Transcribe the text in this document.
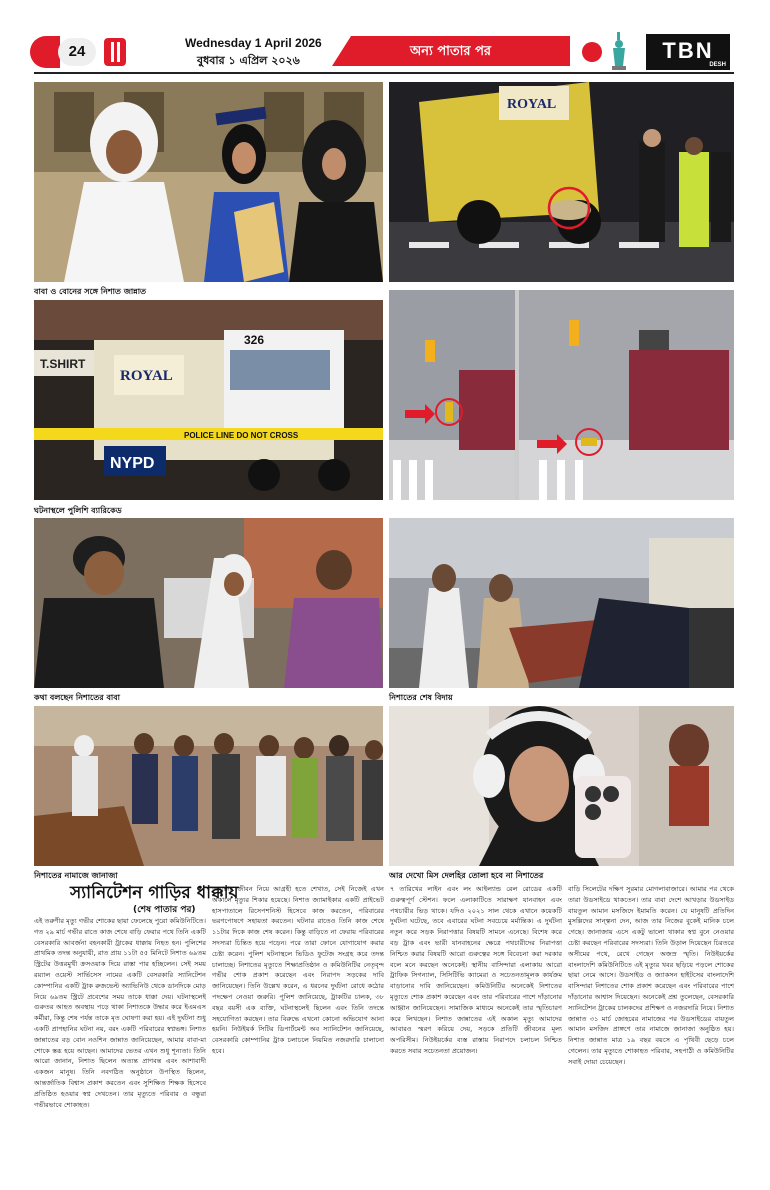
24	Wednesday 1 April 2026
বুধবার ১ এপ্রিল ২০২৬
অন্য পাতার পর	TBN
DESH
বাবা ও বোনের সঙ্গে নিশাত জান্নাত
ROYAL
T.SHIRT
ROYAL
326
POLICE LINE DO NOT CROSS
NYPD
ঘটনাস্থলে পুলিশি ব্যারিকেড
কথা বলছেন নিশাতের বাবা	নিশাতের শেষ বিদায়
নিশাতের নামাজে জানাজা	আর দেখো মিস দেলহির তোলা হবে না নিশাতের
স্যানিটেশন গাড়ির ধাক্কায়
(শেষ পাতার পর)

এই তরুণীর মৃত্যু গভীর শোকের ছায়া ফেলেছে পুরো কমিউনিটিতে। গত ২৯ মার্চ গভীর রাতে কাজ শেষে বাড়ি ফেরার পথে তিনি একটি বেসরকারি আবর্জনা বহনকারী ট্রাকের ধাক্কায় নিহত হন। পুলিশের প্রাথমিক তদন্ত অনুযায়ী, রাত প্রায় ১১টা ৫৫ মিনিটে নিশাত ৬৯তম স্ট্রিটের উত্তরমুখী ক্রসওয়াক দিয়ে রাস্তা পার হচ্ছিলেন। সেই সময় রয়্যাল ওয়েস্ট সার্ভিসেস নামের একটি বেসরকারি স্যানিটেশন কোম্পানির একটি ট্রাক রুজভেল্ট অ্যাভিনিউ থেকে ডানদিকে মোড় নিয়ে ৬৯তম স্ট্রিটে প্রবেশের সময় তাকে ধাক্কা দেয়। ঘটনাস্থলেই গুরুতর আহত অবস্থায় পড়ে থাকা নিশাতকে উদ্ধার করে ইএমএস কর্মীরা, কিন্তু শেষ পর্যন্ত তাকে মৃত ঘোষণা করা হয়। এই দুর্ঘটনা শুধু একটি প্রাণহানির ঘটনা নয়, বরং একটি পরিবারের স্বপ্নভঙ্গ। নিশাত জান্নাতের বড় বোন নওশিন জান্নাত জানিয়েছেন, আমার বাবা-মা শোকে স্তব্ধ হয়ে আছেন। আমাদের ভেতর এখন শুধু শূন্যতা। তিনি আরো জানান, নিশাত ছিলেন অত্যন্ত প্রাণবন্ত এবং আশাবাদী একজন মানুষ। তিনি নবগঠিত অনুষ্ঠানে উপস্থিত ছিলেন, আন্তর্জাতিক বিশ্বাস প্রকাশ করতেন এবং সুশিক্ষিত শিক্ষক হিসেবে প্রতিষ্ঠিত হওয়ার স্বপ্ন দেখতেন। তার মৃত্যুতে পরিবার ও বন্ধুরা গভীরভাবে শোকাহত।

অন্যদের জীবন নিয়ে আগ্রহী হতে শেখাত, সেই নিজেই এখন অকালে মৃত্যুর শিকার হয়েছে। নিশাত জ্যামাইকার একটি প্রাইভেট হাসপাতালে রিসেপশনিস্ট হিসেবে কাজ করতেন, পরিবারের ভরণপোষণে সহায়তা করতেন। ঘটনার রাতেও তিনি কাজ শেষে ১১টার দিকে কাজ শেষ করেন। কিন্তু বাড়িতে না ফেরায় পরিবারের সদস্যরা চিন্তিত হয়ে পড়েন। পরে তারা ফোনে যোগাযোগ করার চেষ্টা করেন। পুলিশ ঘটনাস্থলে ভিডিও ফুটেজ সংগ্রহ করে তদন্ত চালাচ্ছে। নিশাতের মৃত্যুতে শিক্ষাপ্রতিষ্ঠান ও কমিউনিটির নেতৃবৃন্দ গভীর শোক প্রকাশ করেছেন এবং নিরাপদ সড়কের দাবি জানিয়েছেন। তিনি উল্লেখ করেন, এ ধরনের দুর্ঘটনা রোধে কঠোর পদক্ষেপ নেওয়া জরুরি। পুলিশ জানিয়েছে, ট্রাকটির চালক, ৩৮ বছর বয়সী এক ব্যক্তি, ঘটনাস্থলেই ছিলেন এবং তিনি তদন্তে সহযোগিতা করছেন। তার বিরুদ্ধে এখনো কোনো অভিযোগ আনা হয়নি। নিউইয়র্ক সিটির ডিপার্টমেন্ট অব স্যানিটেশন জানিয়েছে, বেসরকারি কোম্পানির ট্রাক চলাচলে নিয়মিত নজরদারি চালানো হবে।

৭ তারিখের লাইন এবং লং আইল্যান্ড রেল রোডের একটি গুরুত্বপূর্ণ স্টেশন। ফলে এলাকাটিতে সারাক্ষণ যানবাহন এবং পথচারীর ভিড় থাকে। যদিও ২০২১ সাল থেকে এখানে কয়েকটি দুর্ঘটনা ঘটেছে, তবে এবারের ঘটনা সবচেয়ে মর্মান্তিক। এ দুর্ঘটনা নতুন করে সড়ক নিরাপত্তার বিষয়টি সামনে এনেছে। বিশেষ করে বড় ট্রাক এবং ভারী যানবাহনের ক্ষেত্রে পথচারীদের নিরাপত্তা নিশ্চিত করার বিষয়টি আরো গুরুত্বের সঙ্গে বিবেচনা করা দরকার বলে মনে করছেন অনেকেই। স্থানীয় বাসিন্দারা এলাকায় আরো ট্রাফিক সিগন্যাল, সিসিটিভি ক্যামেরা ও সচেতনতামূলক কার্যক্রম বাড়ানোর দাবি জানিয়েছেন। কমিউনিটির অনেকেই নিশাতের মৃত্যুতে শোক প্রকাশ করেছেন এবং তার পরিবারের পাশে দাঁড়ানোর আহ্বান জানিয়েছেন। সামাজিক মাধ্যমে অনেকেই তার স্মৃতিচারণ করে লিখছেন। নিশাত জান্নাতের এই অকাল মৃত্যু আমাদের আবারও স্মরণ করিয়ে দেয়, সড়কে প্রতিটি জীবনের মূল্য অপরিসীম। নিউইয়র্কের ব্যস্ত রাস্তায় নিরাপদে চলাচল নিশ্চিত করতে সবার সচেতনতা প্রয়োজন।

বাড়ি সিলেটের দক্ষিণ সুরমার মোগলাবাজারে। আমার পর থেকে তারা উডসাইডে থাকতেন। তার বাবা দেশে আখড়ার উডসাইড বায়তুল আমান মসজিদে ইমামতি করেন। যে মানুষটি প্রতিদিন মুসল্লিদের সান্ত্বনা দেন, আজ তার নিজের বুকেই মানিক চলে গেছে। জানাজায় এসে একটু ভালো থাকার স্বপ্ন বুনে নেওয়ার চেষ্টা করছেন পরিবারের সদস্যরা। তিনি উড়াল দিয়েছেন চিরতরে অসীমের পথে, রেখে গেছেন অজস্র স্মৃতি। নিউইয়র্কের বাংলাদেশি কমিউনিটিতে এই মৃত্যুর খবর ছড়িয়ে পড়লে শোকের ছায়া নেমে আসে। উডসাইড ও জ্যাকসন হাইটসের বাংলাদেশি বাসিন্দারা নিশাতের শোক প্রকাশ করেছেন এবং পরিবারের পাশে দাঁড়ানোর আশ্বাস দিয়েছেন। অনেকেই প্রশ্ন তুলেছেন, বেসরকারি স্যানিটেশন ট্রাকের চালকদের প্রশিক্ষণ ও নজরদারি নিয়ে। নিশাত জান্নাত ৩১ মার্চ জোহরের নামাজের পর উডসাইডের বায়তুল আমান মসজিদ প্রাঙ্গণে তার নামাজে জানাজা অনুষ্ঠিত হয়। নিশাত জান্নাত মাত্র ১৯ বছর বয়সে এ পৃথিবী ছেড়ে চলে গেলেন। তার মৃত্যুতে শোকাহত পরিবার, সহপাঠী ও কমিউনিটির সবাই দোয়া চেয়েছেন।
